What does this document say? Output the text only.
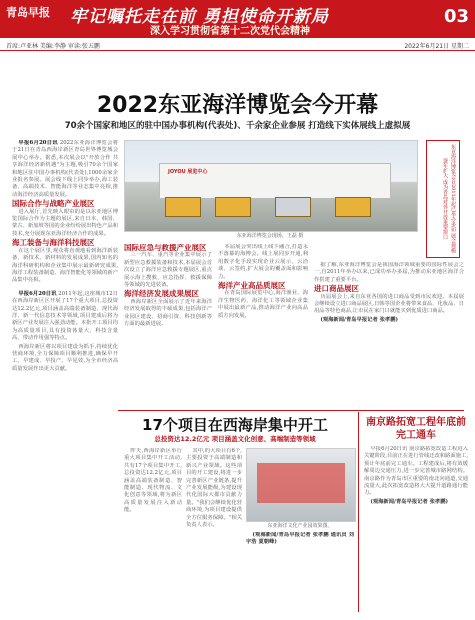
青岛早报 牢记嘱托走在前 勇担使命开新局
深入学习贯彻省第十二次党代会精神
03
首席:卢亚林 美编:李静 审读:张五鹏	2022年6月21日 星期二
2022东亚海洋博览会今开幕
70余个国家和地区的驻中国办事机构(代表处)、千余家企业参展 打造线下实体展线上虚拟展

早报6月20日讯 2022东亚海洋博览会将于21日在青岛西海岸新区青岛世界博览城会展中心举办。据悉,本次展会以"开放合作 共享海洋经济新机遇"为主题,吸引70余个国家和地区驻中国办事机构(代表处),1000余家企业报名参展。展会线下线上同步举办,海工装备、高端技术、智能海洋等业态集中亮相,推动海洋经济高质量发展。

国际合作与战略产业展区

进入展厅,首先映入眼帘的是以东亚地区博览国际合作为主题的展区,来自日本、韩国、蒙古、新加坡等国的企业纷纷展出特色产品和技术,充分展现东亚海洋经济合作的成果。

海工装备与海洋科技展区

在这个展区里,观众将直观地看到海洋新装备、新技术、新材料的发展成果,国内知名的海洋科研机构和企业集中展示最新研究成果,海洋工程装备制造、海洋智能化等领域的新产品集中亮相。

早报6月20日讯 2011年起,这座城市12日在西海岸新区区开展了17个重大项目,总投资达12.2亿元,项目涵盖高端装备制造、现代海洋、新一代信息技术等领域,项目建成后将为新区产业发展注入强劲动能。本批开工项目均为高质量项目,具有投资体量大、科技含量高、带动作用强等特点。

西海岸新区将以项目建设为抓手,持续优化营商环境,全力保障项目顺利推进,确保早开工、早建成、早投产、早见效,为全市经济高质量发展作出更大贡献。

JOYOU 展览中心
东亚海洋博览会现场。王磊 摄	东亚海洋博览会自2011年起已举办多届 展会规模逐年扩大 成为青岛对外开放重要窗口

国际应急与救援产业展区

三一汽车、重汽等企业集中展示了新型应急救援装备和技术,本届展会首次设立了海洋应急救援专题展区,重点展示海上搜救、应急指挥、救援保障等领域的先进装备。

海洋经济发展成果展区

西海岸新区全面展示了近年来海洋经济发展取得的丰硕成果,包括海洋产业园区建设、招商引资、科技创新等方面的最新进展。

本届展会突出线上线下融合,打造永不落幕的海博会。线上展同步开通,利用数字化手段实现企业云展示、云洽谈、云签约,扩大展会的覆盖面和影响力。

海洋产业高品质展区

在青岛国际展览中心,海洋渔业、海洋生物医药、海洋化工等领域企业集中展出最新产品,推动海洋产业向高品质方向发展。

据了解,东亚海洋博览会是我国海洋领域重要的国际性展会之一,自2011年举办以来,已成功举办多届,为推动东亚地区海洋合作搭建了重要平台。

进口商品展区

历届展会上,来自东亚各国的进口商品受到市民欢迎。本届展会继续设立进口商品展区,日韩等国企业将带来食品、化妆品、日用品等特色商品,让市民在家门口就能买到优质进口商品。

(观海新闻/青岛早报记者 张孝鹏)

17个项目在西海岸集中开工
总投资达12.2亿元 项目涵盖文化创意、高端制造等领域

昨天,西海岸新区举行重大项目集中开工活动,共有17个项目集中开工,总投资达12.2亿元,项目涵盖高端装备制造、智能制造、现代物流、文化创意等领域,将为新区高质量发展注入新动能。

其中,的大项目有6个,主要投资于高端制造和新兴产业领域。这些项目的开工建设,将进一步完善新区产业链条,提升产业发展能级,为建设现代化国际大都市贡献力量。"我们会继续优化营商环境,为项目建设提供全方位服务保障。"相关负责人表示。	东亚海洋文化产业园效果图。

(观海新闻/青岛早报记者 张孝鹏 通讯员 刘宇浩 夏朝峰)

南京路拓宽工程年底前完工通车

早报6月20日讯 南京路拓宽改造工程进入关键阶段,目前正在进行管线迁改和路面施工,预计年底前完工通车。工程建成后,将有效缓解周边交通压力,进一步完善城市路网结构。南京路作为青岛市区重要的南北向通道,交通流量大,此次拓宽改造将大大提升道路通行能力。

(观海新闻/青岛早报记者 张孝鹏)
